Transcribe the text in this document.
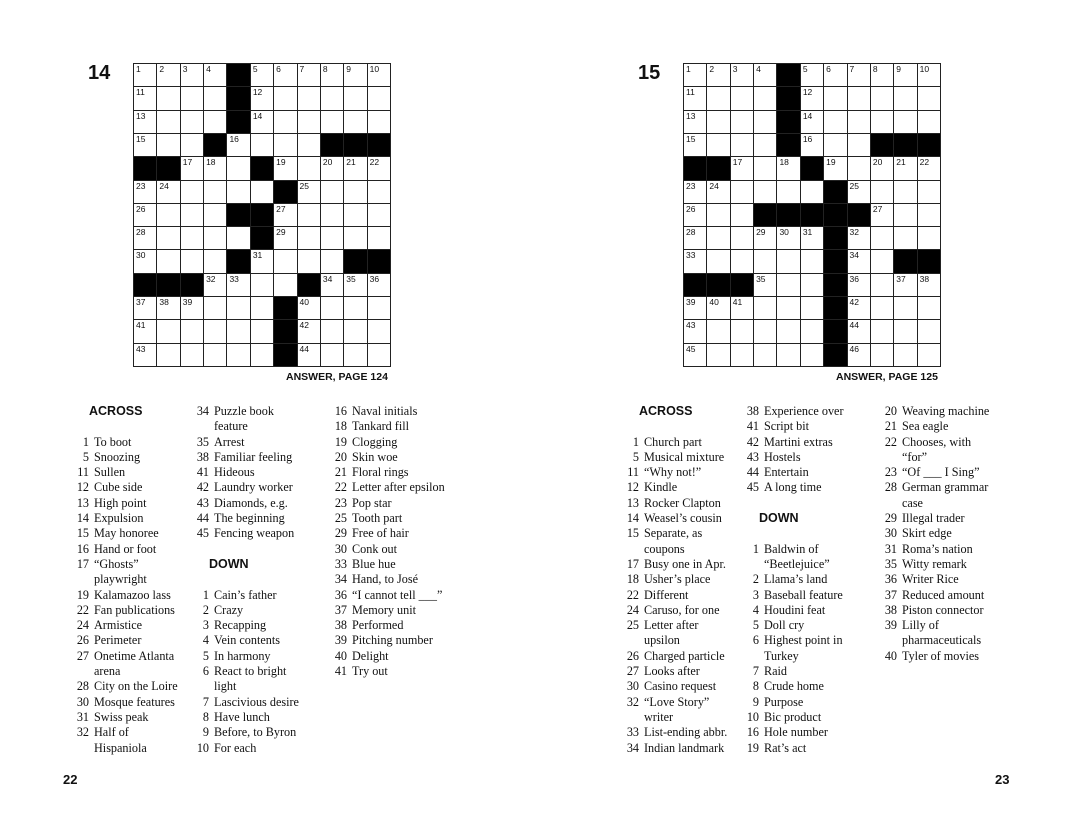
14	1 2 3 4	5 6 7 8 9 10
11	12
13	14
15	16
17 18	19	20 21 22
23 24	25
26	27
28	29
30	31
32 33	34 35 36
37 38 39	40
41	42
43	44
ANSWER, PAGE 124
15	1 2 3 4	5 6 7 8 9 10
11	12
13	14
15	16
17	18	19	20 21 22
23 24	25
26	27
28	29 30 31	32
33	34
35	36	37 38
39 40 41	42
43	44
45	46
ANSWER, PAGE 125
ACROSS
1 To boot
5 Snoozing
11 Sullen
12 Cube side
13 High point
14 Expulsion
15 May honoree
16 Hand or foot
17 “Ghosts”
playwright
19 Kalamazoo lass
22 Fan publications
24 Armistice
26 Perimeter
27 Onetime Atlanta
arena
28 City on the Loire
30 Mosque features
31 Swiss peak
32 Half of
Hispaniola
34 Puzzle book
feature
35 Arrest
38 Familiar feeling
41 Hideous
42 Laundry worker
43 Diamonds, e.g.
44 The beginning
45 Fencing weapon
DOWN
1 Cain’s father
2 Crazy
3 Recapping
4 Vein contents
5 In harmony
6 React to bright
light
7 Lascivious desire
8 Have lunch
9 Before, to Byron
10 For each
16 Naval initials
18 Tankard fill
19 Clogging
20 Skin woe
21 Floral rings
22 Letter after epsilon
23 Pop star
25 Tooth part
29 Free of hair
30 Conk out
33 Blue hue
34 Hand, to José
36 “I cannot tell ___”
37 Memory unit
38 Performed
39 Pitching number
40 Delight
41 Try out
ACROSS
1 Church part
5 Musical mixture
11 “Why not!”
12 Kindle
13 Rocker Clapton
14 Weasel’s cousin
15 Separate, as
coupons
17 Busy one in Apr.
18 Usher’s place
22 Different
24 Caruso, for one
25 Letter after
upsilon
26 Charged particle
27 Looks after
30 Casino request
32 “Love Story”
writer
33 List-ending abbr.
34 Indian landmark
38 Experience over
41 Script bit
42 Martini extras
43 Hostels
44 Entertain
45 A long time
DOWN
1 Baldwin of
“Beetlejuice”
2 Llama’s land
3 Baseball feature
4 Houdini feat
5 Doll cry
6 Highest point in
Turkey
7 Raid
8 Crude home
9 Purpose
10 Bic product
16 Hole number
19 Rat’s act
20 Weaving machine
21 Sea eagle
22 Chooses, with
“for”
23 “Of ___ I Sing”
28 German grammar
case
29 Illegal trader
30 Skirt edge
31 Roma’s nation
35 Witty remark
36 Writer Rice
37 Reduced amount
38 Piston connector
39 Lilly of
pharmaceuticals
40 Tyler of movies
22	23
